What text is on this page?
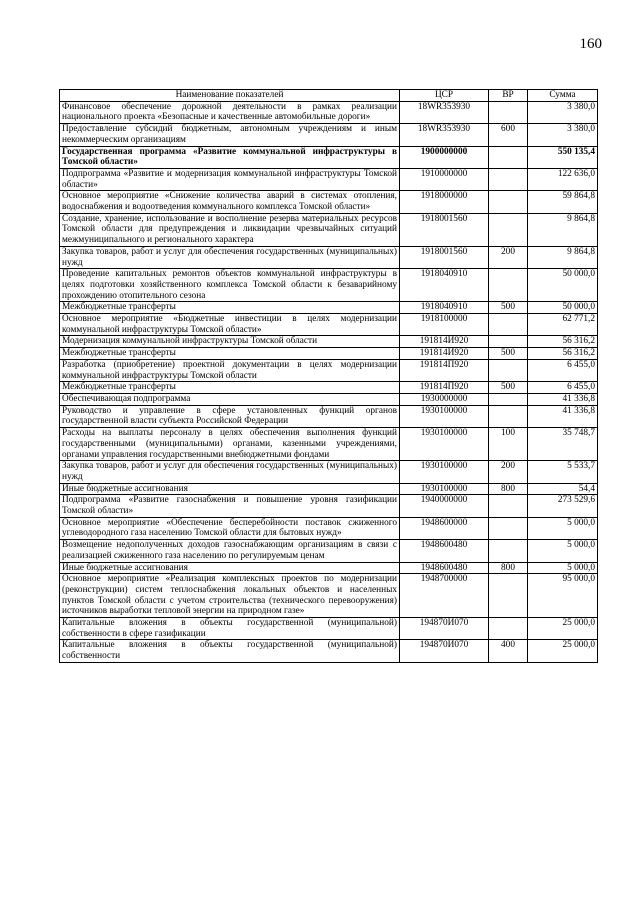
160
Наименование показателей	ЦСР	ВР	Сумма
Финансовое обеспечение дорожной деятельности в рамках реализации национального проекта «Безопасные и качественные автомобильные дороги»	18WR353930		3 380,0
Предоставление субсидий бюджетным, автономным учреждениям и иным некоммерческим организациям	18WR353930	600	3 380,0
Государственная программа «Развитие коммунальной инфраструктуры в Томской области»	1900000000		550 135,4
Подпрограмма «Развитие и модернизация коммунальной инфраструктуры Томской области»	1910000000		122 636,0
Основное мероприятие «Снижение количества аварий в системах отопления, водоснабжения и водоотведения коммунального комплекса Томской области»	1918000000		59 864,8
Создание, хранение, использование и восполнение резерва материальных ресурсов Томской области для предупреждения и ликвидации чрезвычайных ситуаций межмуниципального и регионального характера	1918001560		9 864,8
Закупка товаров, работ и услуг для обеспечения государственных (муниципальных) нужд	1918001560	200	9 864,8
Проведение капитальных ремонтов объектов коммунальной инфраструктуры в целях подготовки хозяйственного комплекса Томской области к безаварийному прохождению отопительного сезона	1918040910		50 000,0
Межбюджетные трансферты	1918040910	500	50 000,0
Основное мероприятие «Бюджетные инвестиции в целях модернизации коммунальной инфраструктуры Томской области»	1918100000		62 771,2
Модернизация коммунальной инфраструктуры Томской области	191814И920		56 316,2
Межбюджетные трансферты	191814И920	500	56 316,2
Разработка (приобретение) проектной документации в целях модернизации коммунальной инфраструктуры Томской области	191814П920		6 455,0
Межбюджетные трансферты	191814П920	500	6 455,0
Обеспечивающая подпрограмма	1930000000		41 336,8
Руководство и управление в сфере установленных функций органов государственной власти субъекта Российской Федерации	1930100000		41 336,8
Расходы на выплаты персоналу в целях обеспечения выполнения функций государственными (муниципальными) органами, казенными учреждениями, органами управления государственными внебюджетными фондами	1930100000	100	35 748,7
Закупка товаров, работ и услуг для обеспечения государственных (муниципальных) нужд	1930100000	200	5 533,7
Иные бюджетные ассигнования	1930100000	800	54,4
Подпрограмма «Развитие газоснабжения и повышение уровня газификации Томской области»	1940000000		273 529,6
Основное мероприятие «Обеспечение бесперебойности поставок сжиженного углеводородного газа населению Томской области для бытовых нужд»	1948600000		5 000,0
Возмещение недополученных доходов газоснабжающим организациям в связи с реализацией сжиженного газа населению по регулируемым ценам	1948600480		5 000,0
Иные бюджетные ассигнования	1948600480	800	5 000,0
Основное мероприятие «Реализация комплексных проектов по модернизации (реконструкции) систем теплоснабжения локальных объектов и населенных пунктов Томской области с учетом строительства (технического перевооружения) источников выработки тепловой энергии на природном газе»	1948700000		95 000,0
Капитальные вложения в объекты государственной (муниципальной) собственности в сфере газификации	194870И070		25 000,0
Капитальные вложения в объекты государственной (муниципальной) собственности	194870И070	400	25 000,0
